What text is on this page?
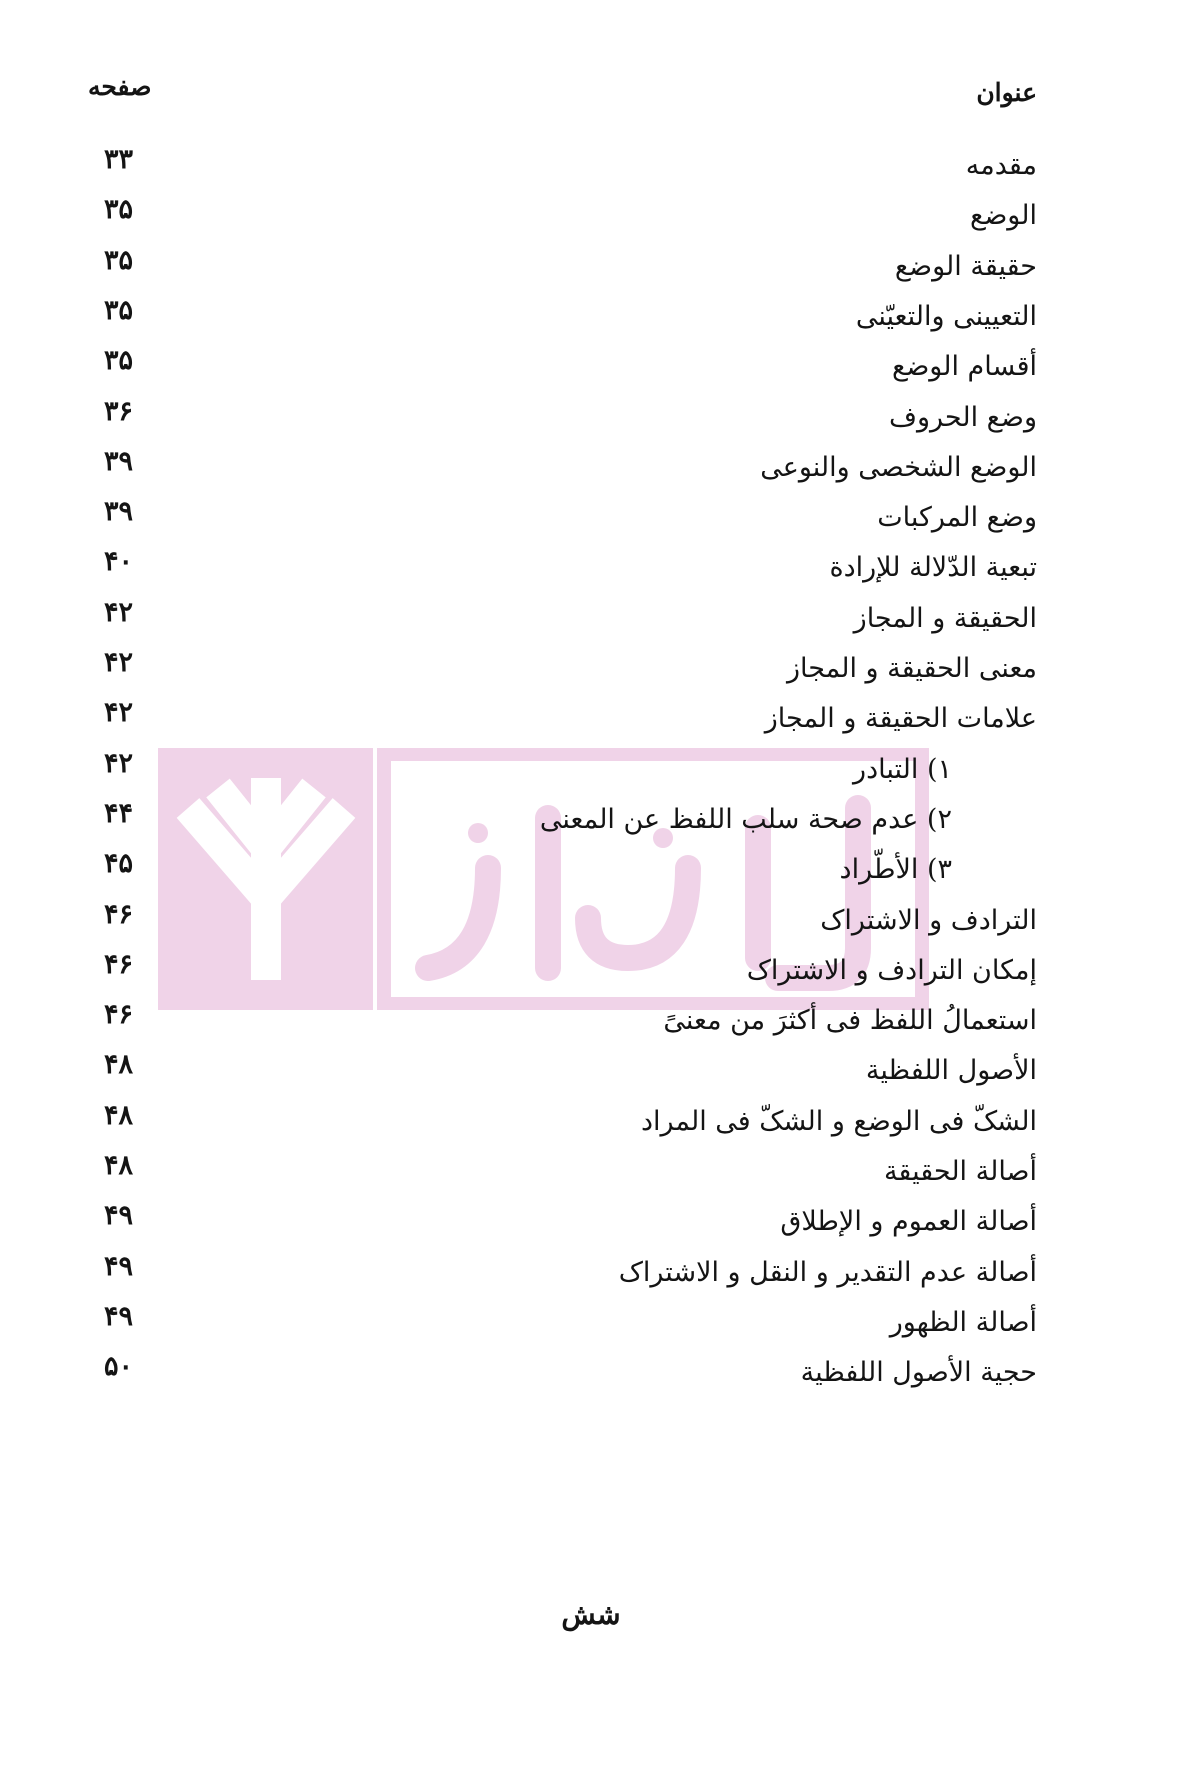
عنوان
صفحه
مقدمه
۳۳
الوضع
۳۵
حقيقة الوضع
۳۵
التعيينى والتعيّنى
۳۵
أقسام الوضع
۳۵
وضع الحروف
۳۶
الوضع الشخصى والنوعى
۳۹
وضع المركبات
۳۹
تبعية الدّلالة للإرادة
۴۰
الحقيقة و المجاز
۴۲
معنى الحقيقة و المجاز
۴۲
علامات الحقيقة و المجاز
۴۲
١) التبادر
۴۲
٢) عدم صحة سلب اللفظ عن المعنى
۴۴
٣) الأطّراد
۴۵
الترادف و الاشتراک
۴۶
إمكان الترادف و الاشتراک
۴۶
استعمالُ اللفظ فى أكثرَ من معنىً
۴۶
الأصول اللفظية
۴۸
الشکّ فى الوضع و الشکّ فى المراد
۴۸
أصالة الحقيقة
۴۸
أصالة العموم و الإطلاق
۴۹
أصالة عدم التقدير و النقل و الاشتراک
۴۹
أصالة الظهور
۴۹
حجية الأصول اللفظية
۵۰
شش
